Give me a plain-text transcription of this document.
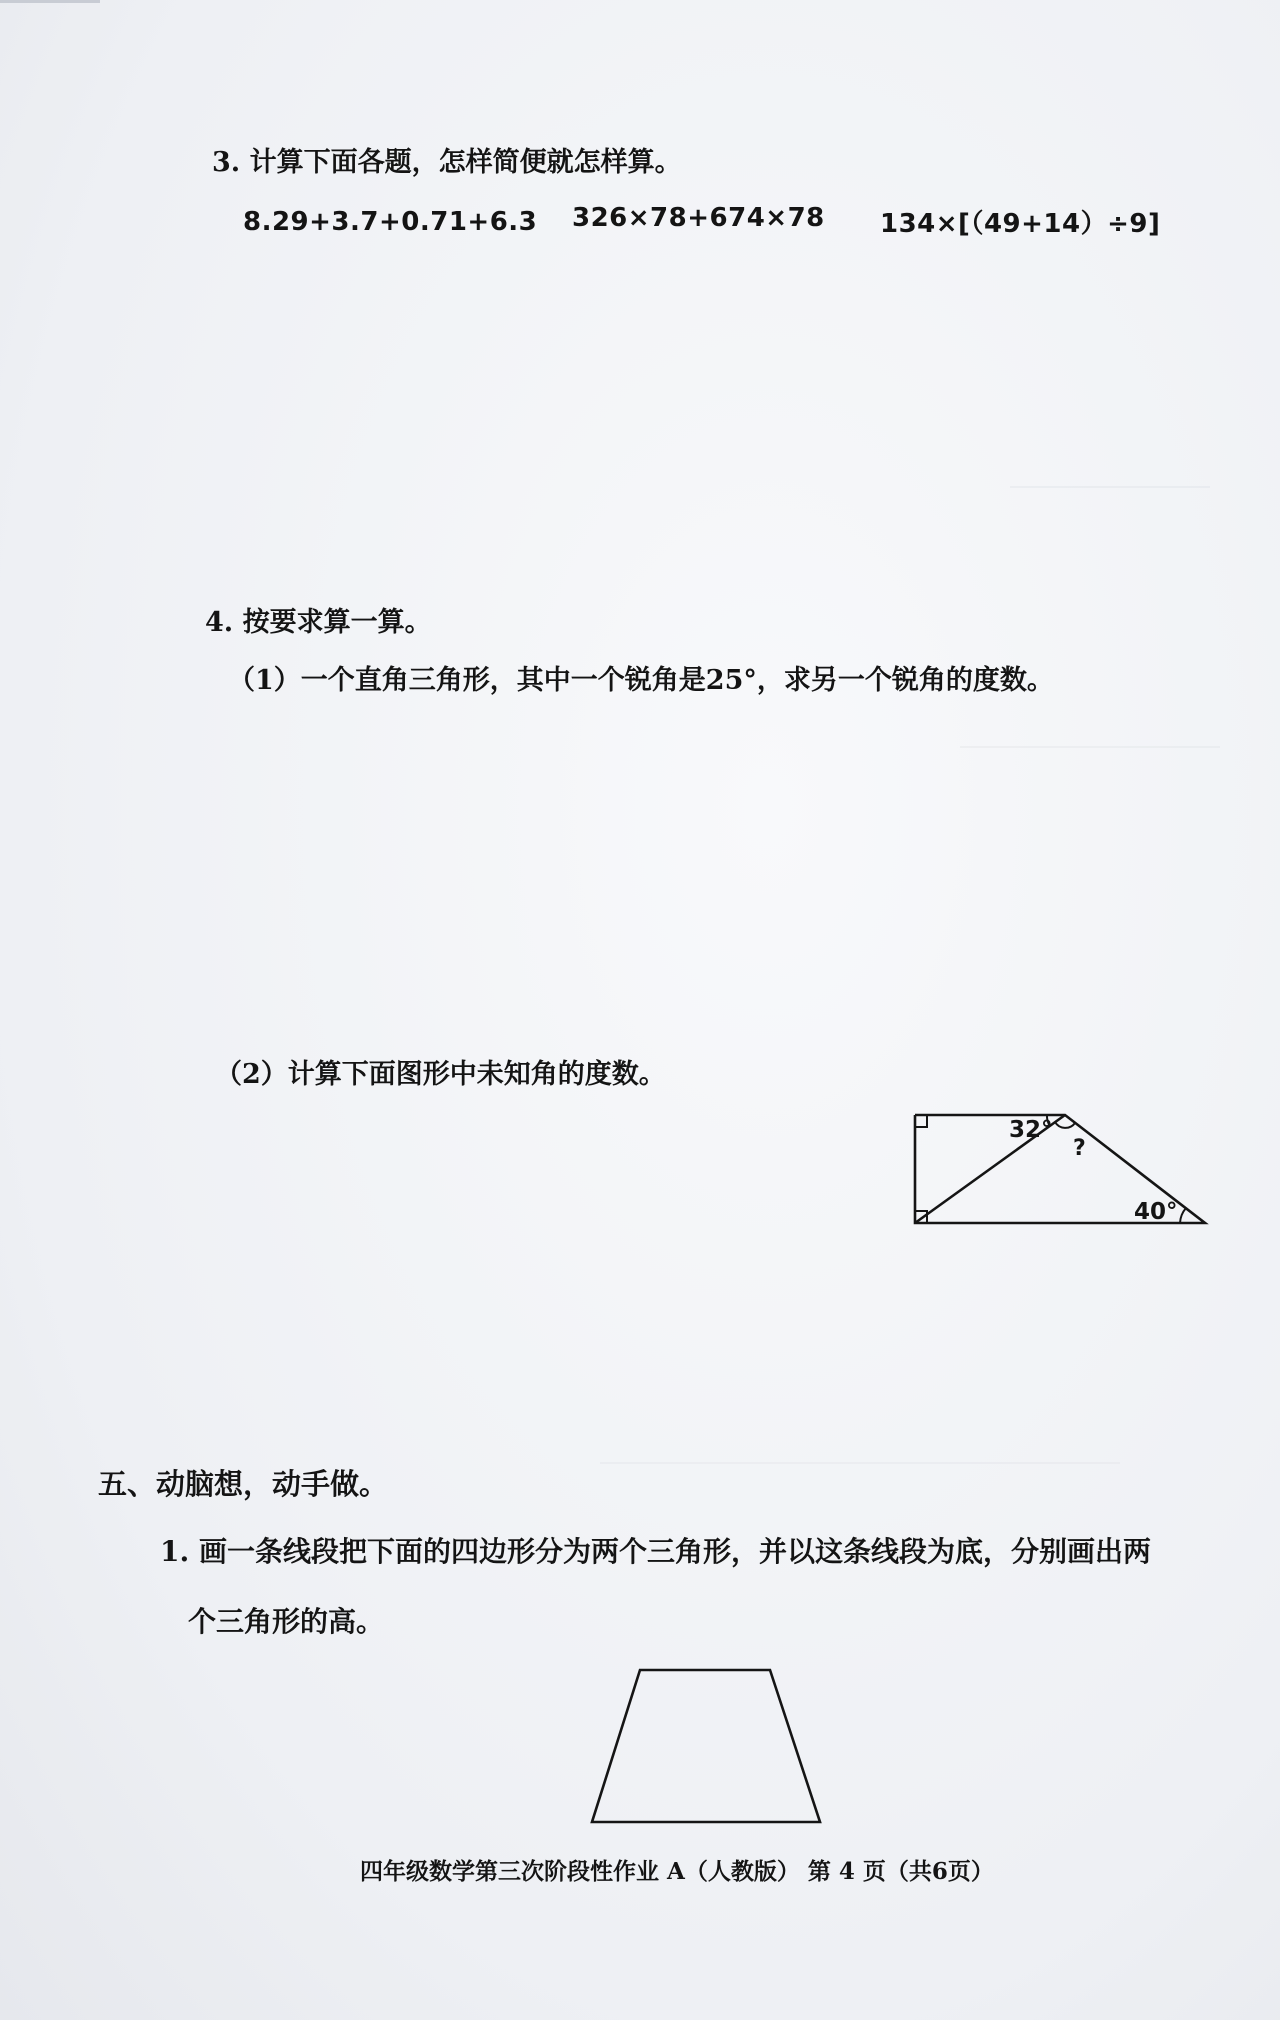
3. 计算下面各题，怎样简便就怎样算。
8.29+3.7+0.71+6.3 326×78+674×78 134×[（49+14）÷9]
4. 按要求算一算。
（1）一个直角三角形，其中一个锐角是25°，求另一个锐角的度数。
（2）计算下面图形中未知角的度数。
32°
?
40°
五、动脑想，动手做。
1. 画一条线段把下面的四边形分为两个三角形，并以这条线段为底，分别画出两
个三角形的高。
四年级数学第三次阶段性作业 A（人教版） 第 4 页（共6页）
